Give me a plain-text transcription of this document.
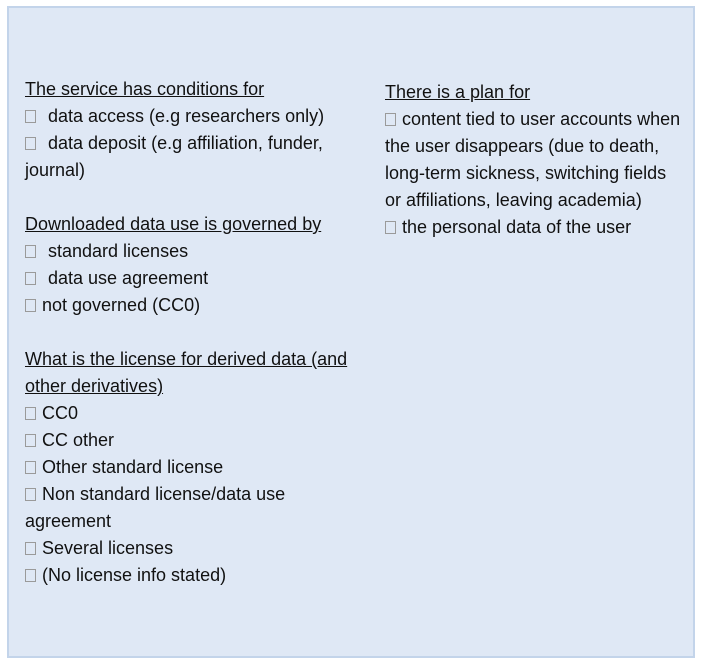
The service has conditions for
data access (e.g researchers only)
data deposit (e.g affiliation, funder, journal)
Downloaded data use is governed by
standard licenses
data use agreement
not governed (CC0)
What is the license for derived data (and other derivatives)
CC0
CC other
Other standard license
Non standard license/data use agreement
Several licenses
(No license info stated)
There is a plan for
content tied to user accounts when the user disappears (due to death, long-term sickness, switching fields or affiliations, leaving academia)
the personal data of the user
